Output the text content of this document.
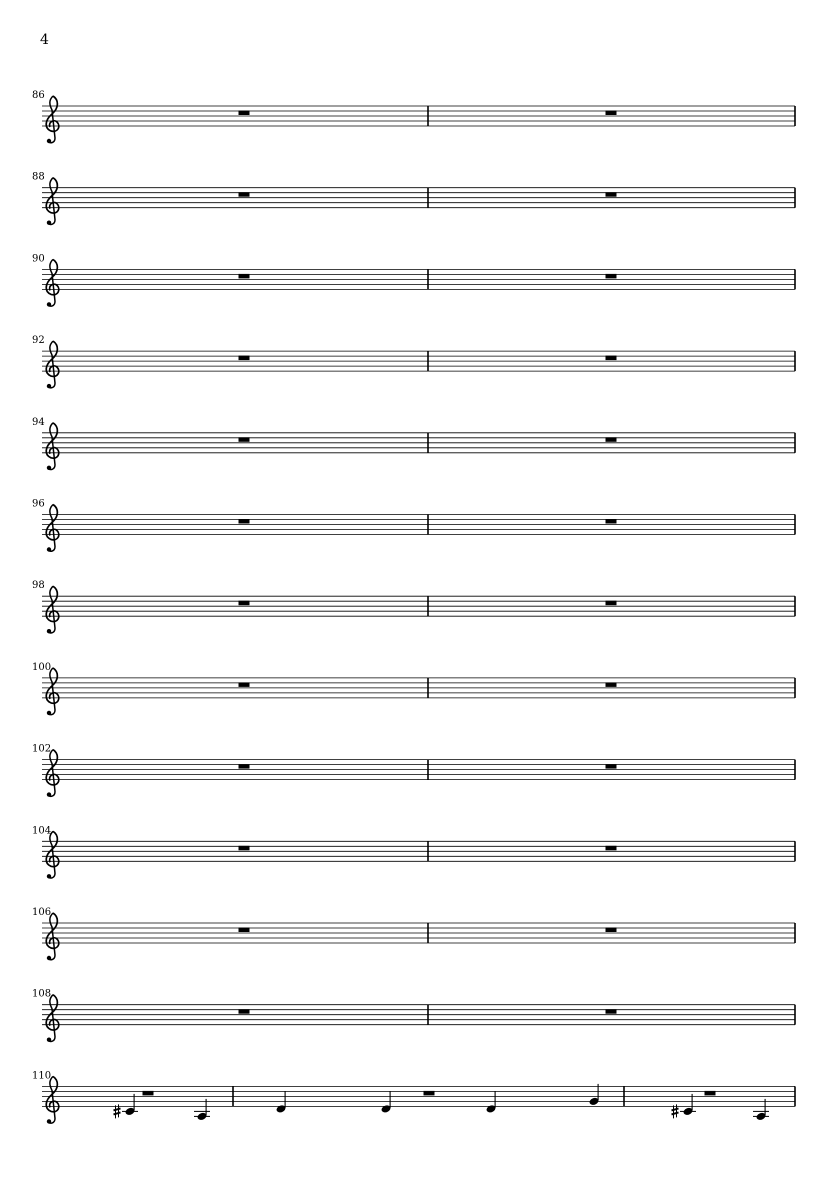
4
86
88
90
92
94
96
98
100
102
104
106
108
110
